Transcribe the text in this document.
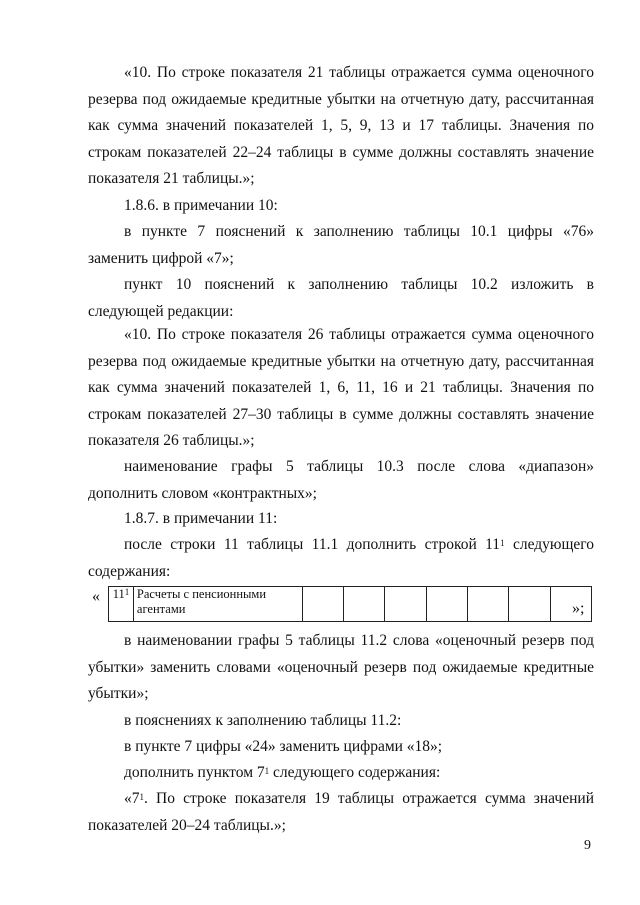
«10. По строке показателя 21 таблицы отражается сумма оценочного резерва под ожидаемые кредитные убытки на отчетную дату, рассчитанная как сумма значений показателей 1, 5, 9, 13 и 17 таблицы. Значения по строкам показателей 22–24 таблицы в сумме должны составлять значение показателя 21 таблицы.»;

1.8.6. в примечании 10:

в пункте 7 пояснений к заполнению таблицы 10.1 цифры «76» заменить цифрой «7»;

пункт 10 пояснений к заполнению таблицы 10.2 изложить в следующей редакции:

«10. По строке показателя 26 таблицы отражается сумма оценочного резерва под ожидаемые кредитные убытки на отчетную дату, рассчитанная как сумма значений показателей 1, 6, 11, 16 и 21 таблицы. Значения по строкам показателей 27–30 таблицы в сумме должны составлять значение показателя 26 таблицы.»;

наименование графы 5 таблицы 10.3 после слова «диапазон» дополнить словом «контрактных»;

1.8.7. в примечании 11:

после строки 11 таблицы 11.1 дополнить строкой $11^1$ следующего содержания:

« $11^1$	Расчеты с пенсионными агентами								»;

в наименовании графы 5 таблицы 11.2 слова «оценочный резерв под убытки» заменить словами «оценочный резерв под ожидаемые кредитные убытки»;

в пояснениях к заполнению таблицы 11.2:

в пункте 7 цифры «24» заменить цифрами «18»;

дополнить пунктом $7^1$ следующего содержания:

«$7^1$. По строке показателя 19 таблицы отражается сумма значений показателей 20–24 таблицы.»;

9
